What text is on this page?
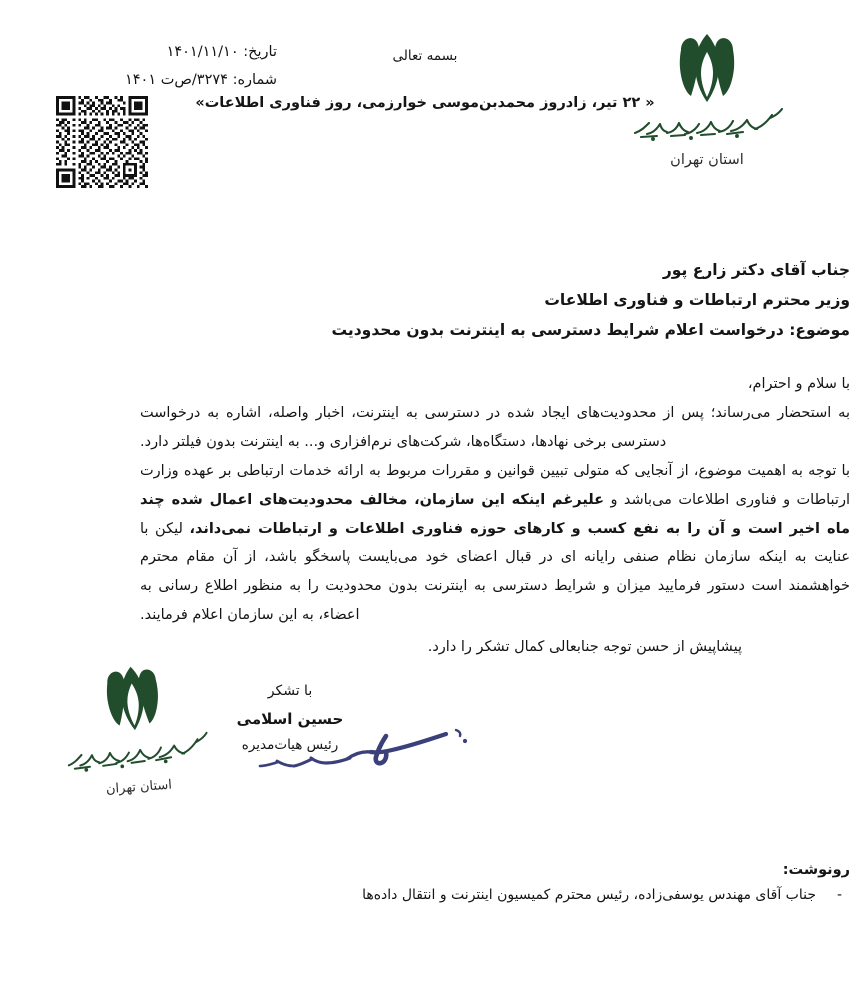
تاریخ: ۱۴۰۱/۱۱/۱۰
شماره: ۳۲۷۴/ص‌ت ۱۴۰۱
بسمه تعالی
« ۲۲ تیر، زادروز محمدبن‌موسی خوارزمی، روز فناوری اطلاعات»
استان تهران
جناب آقای دکتر زارع پور
وزیر محترم ارتباطات و فناوری اطلاعات
موضوع: درخواست اعلام شرایط دسترسی به اینترنت بدون محدودیت
با سلام و احترام،

به استحضار می‌رساند؛ پس از محدودیت‌های ایجاد شده در دسترسی به اینترنت، اخبار واصله، اشاره به درخواست دسترسی برخی نهادها، دستگاه‌ها، شرکت‌های نرم‌افزاری و... به اینترنت بدون فیلتر دارد.

با توجه به اهمیت موضوع، از آنجایی که متولی تبیین قوانین و مقررات مربوط به ارائه خدمات ارتباطی بر عهده وزارت ارتباطات و فناوری اطلاعات می‌باشد و علیرغم اینکه این سازمان، مخالف محدودیت‌های اعمال شده چند ماه اخیر است و آن را به نفع کسب و کارهای حوزه فناوری اطلاعات و ارتباطات نمی‌داند، لیکن با عنایت به اینکه سازمان نظام صنفی رایانه ای در قبال اعضای خود می‌بایست پاسخگو باشد، از آن مقام محترم خواهشمند است دستور فرمایید میزان و شرایط دسترسی به اینترنت بدون محدودیت را به منظور اطلاع رسانی به اعضاء، به این سازمان اعلام فرمایند.

پیشاپیش از حسن توجه جنابعالی کمال تشکر را دارد.
با تشکر
حسین اسلامی
رئیس هیات‌مدیره
استان تهران
رونوشت:
-
جناب آقای مهندس یوسفی‌زاده، رئیس محترم کمیسیون اینترنت و انتقال داده‌ها
